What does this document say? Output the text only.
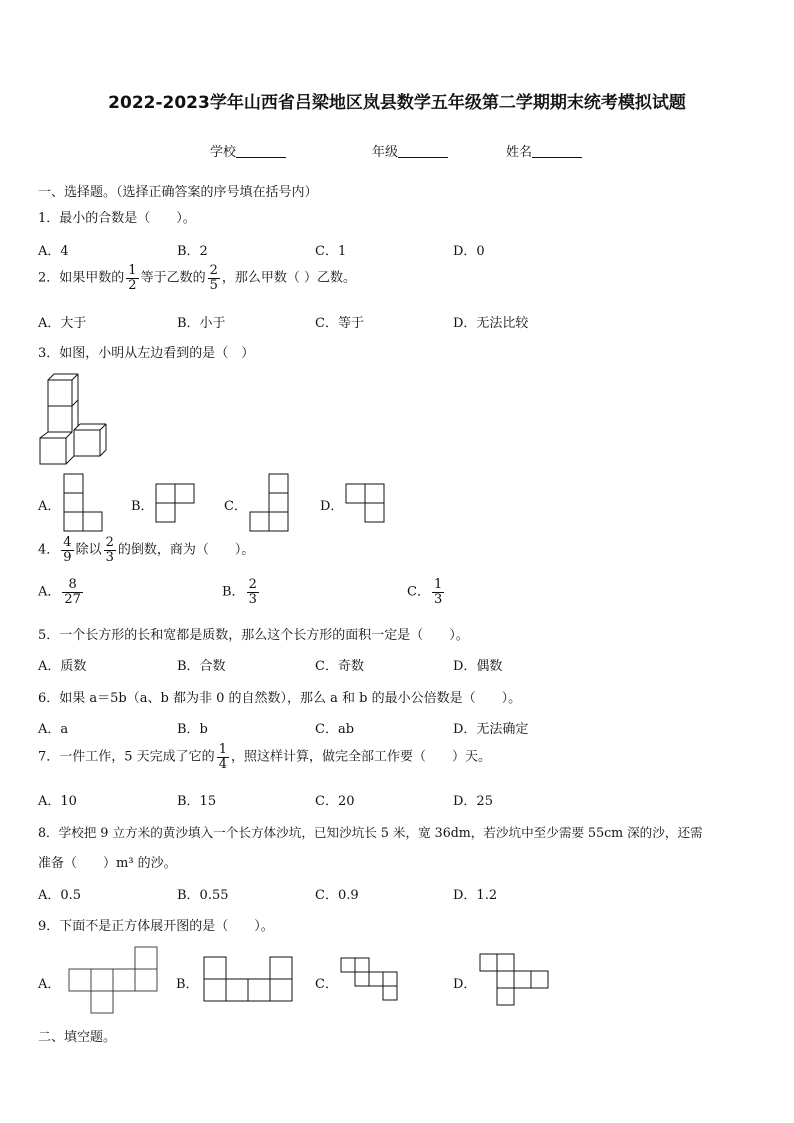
2022-2023学年山西省吕梁地区岚县数学五年级第二学期期末统考模拟试题
学校	年级	姓名
一、选择题。（选择正确答案的序号填在括号内）
1．最小的合数是（　　）。
A．4	B．2	C．1	D．0
2．如果甲数的 $\frac{1}{2}$ 等于乙数的 $\frac{2}{5}$ ，那么甲数（ ）乙数。
A．大于	B．小于	C．等于	D．无法比较
3．如图，小明从左边看到的是（　）
A．	B．	C．	D．
4． $\frac{4}{9}$ 除以 $\frac{2}{3}$ 的倒数，商为（　　）。
A． $\frac{8}{27}$	B． $\frac{2}{3}$	C． $\frac{1}{3}$
5．一个长方形的长和宽都是质数，那么这个长方形的面积一定是（　　）。
A．质数	B．合数	C．奇数	D．偶数
6．如果 a＝5b（a、b 都为非 0 的自然数），那么 a 和 b 的最小公倍数是（　　）。
A．a	B．b	C．ab	D．无法确定
7．一件工作，5 天完成了它的 $\frac{1}{4}$ ，照这样计算，做完全部工作要（　　）天。
A．10	B．15	C．20	D．25
8．学校把 9 立方米的黄沙填入一个长方体沙坑，已知沙坑长 5 米，宽 36dm，若沙坑中至少需要 55cm 深的沙，还需
准备（　　）m³ 的沙。
A．0.5	B．0.55	C．0.9	D．1.2
9．下面不是正方体展开图的是（　　）。
A．	B．	C．	D．
二、填空题。
